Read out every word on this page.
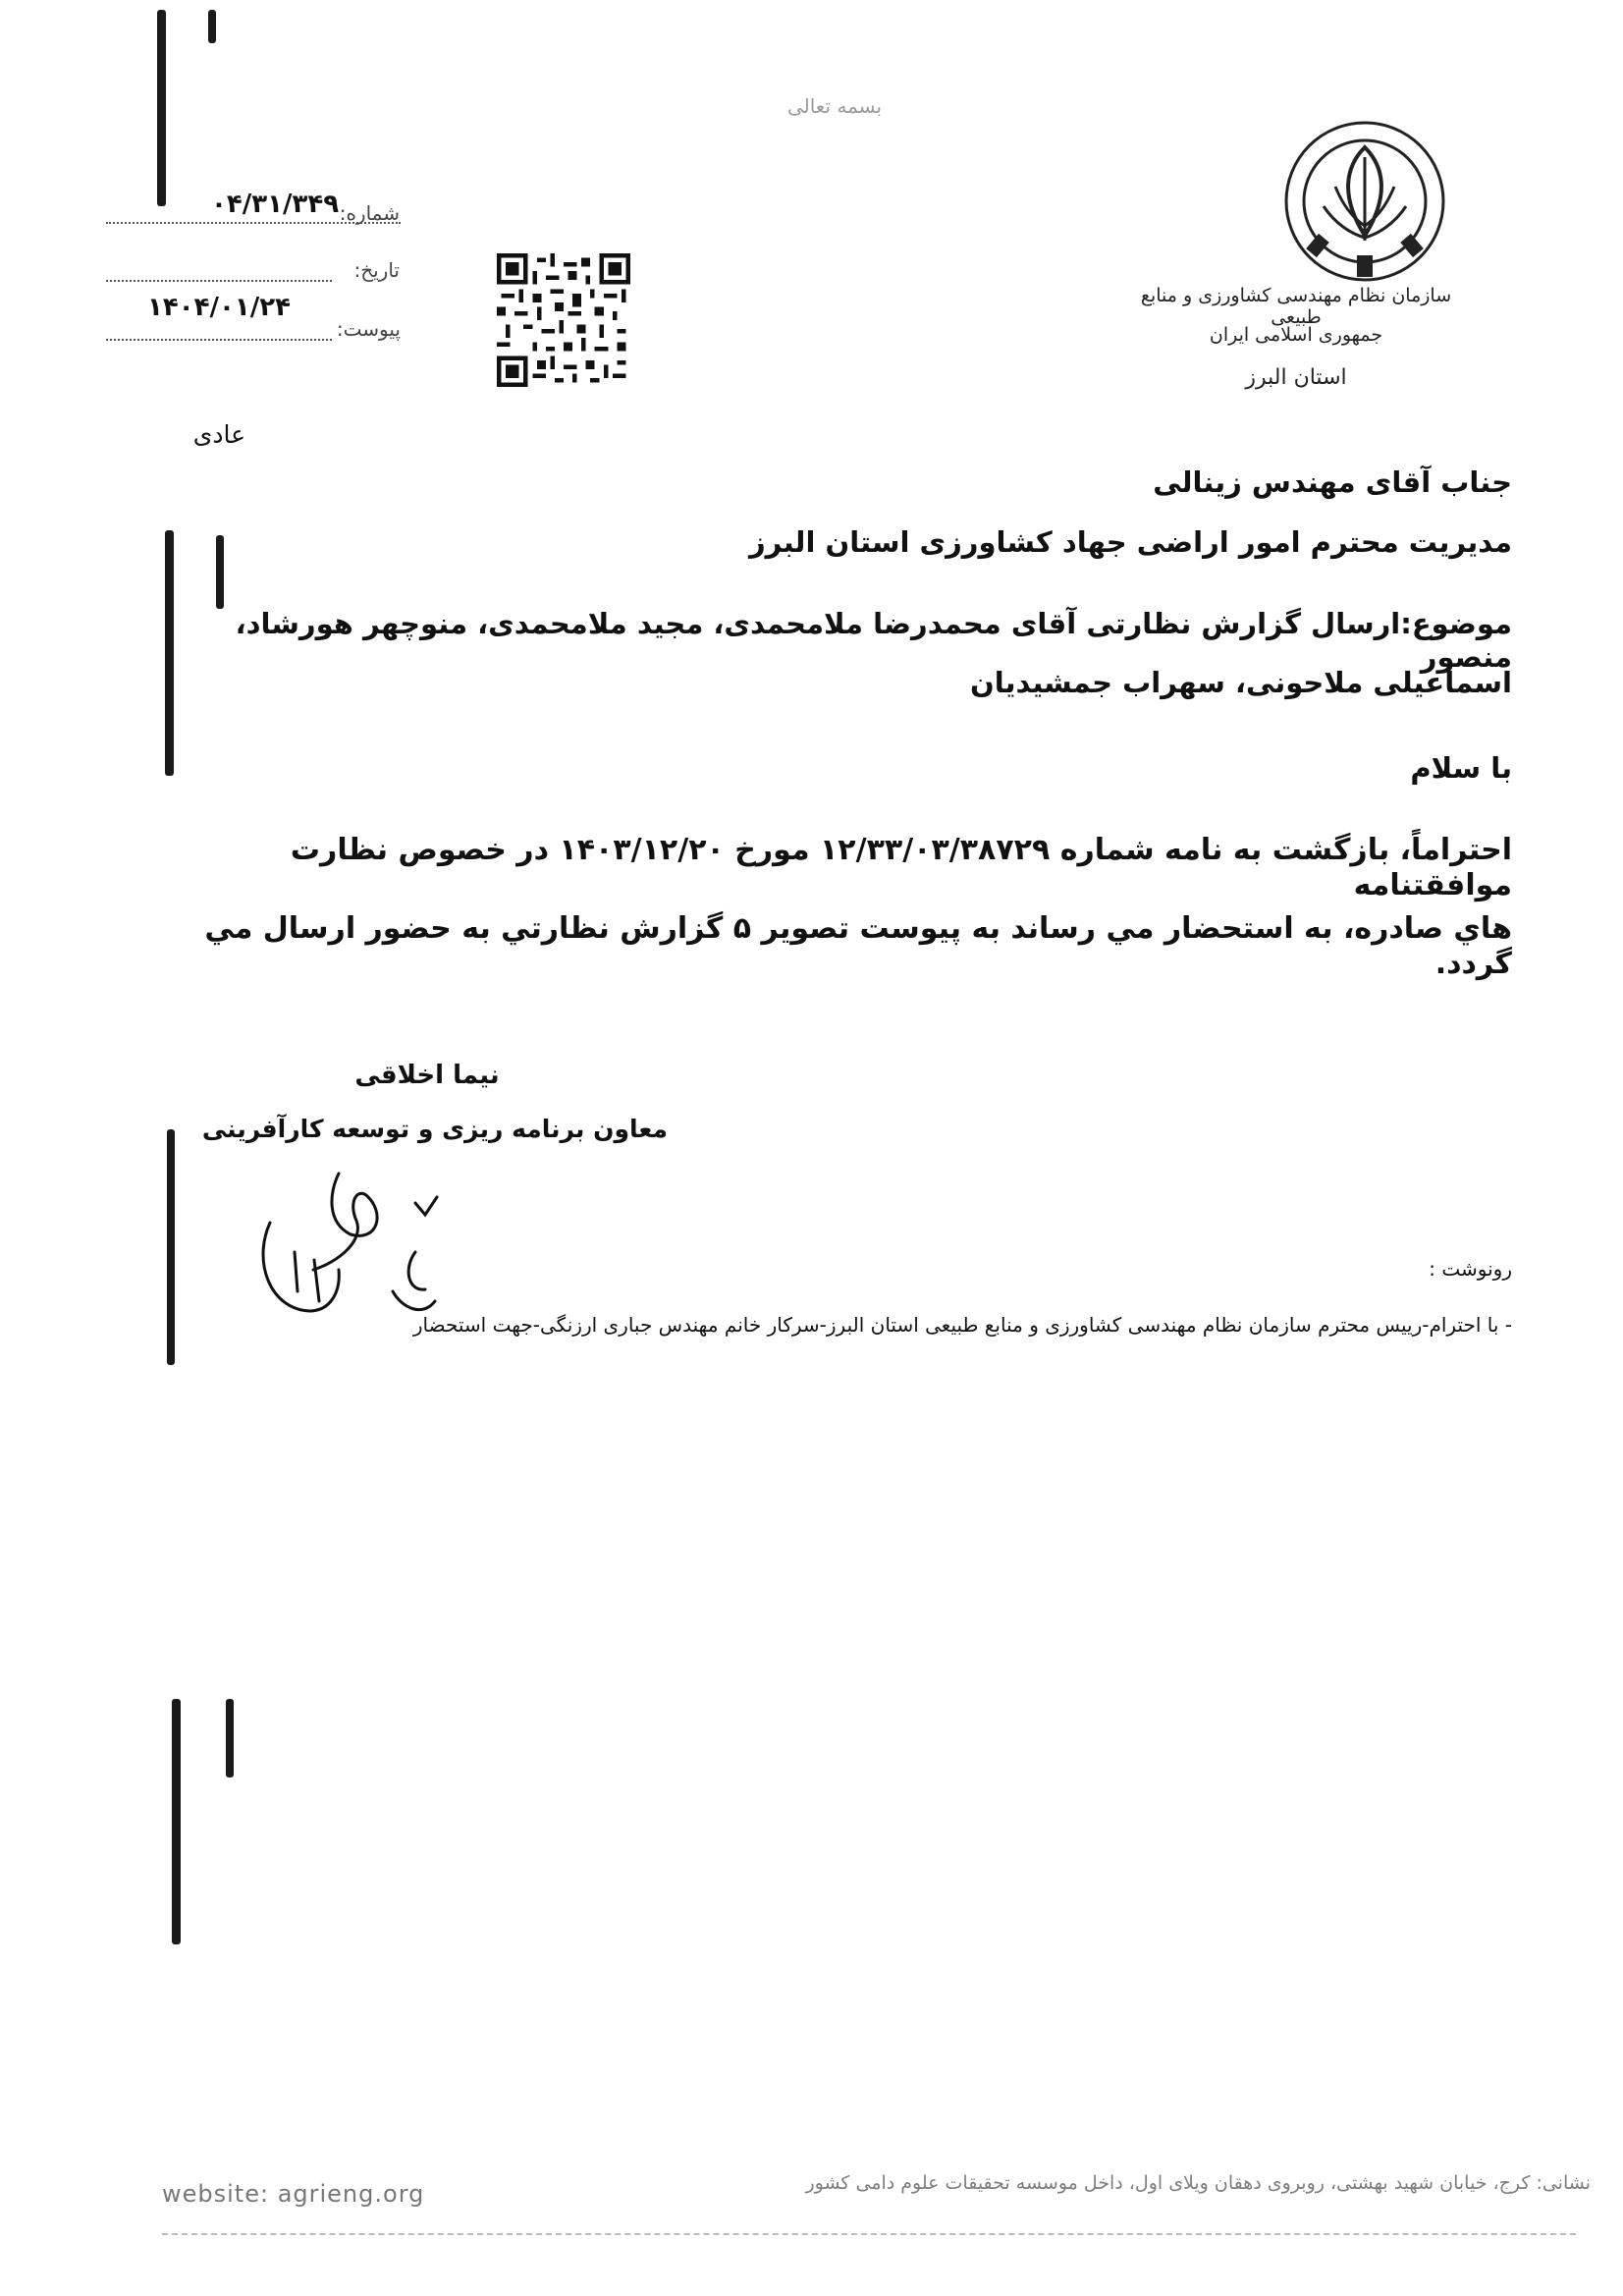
بسمه تعالی
سازمان نظام مهندسی کشاورزی و منابع طبیعی
جمهوری اسلامی ایران
استان البرز
شماره:
۰۴/۳۱/۳۴۹
تاریخ:
۱۴۰۴/۰۱/۲۴
پیوست:
عادی
جناب آقای مهندس زینالی
مدیریت محترم امور اراضی جهاد کشاورزی استان البرز
موضوع:ارسال گزارش نظارتی آقای محمدرضا ملامحمدی، مجید ملامحمدی، منوچهر هورشاد، منصور
اسماعیلی ملاحونی، سهراب جمشیدیان
با سلام
احتراماً، بازگشت به نامه شماره ۱۲/۳۳/۰۳/۳۸۷۲۹ مورخ ۱۴۰۳/۱۲/۲۰ در خصوص نظارت موافقتنامه
هاي صادره، به استحضار مي رساند به پيوست تصوير ۵ گزارش نظارتي به حضور ارسال مي گردد.
نیما اخلاقی
معاون برنامه ریزی و توسعه کارآفرینی
رونوشت :
- با احترام-رییس محترم سازمان نظام مهندسی کشاورزی و منابع طبیعی استان البرز-سرکار خانم مهندس جباری ارزنگی-جهت استحضار
website: agrieng.org	نشانی: کرج، خیابان شهید بهشتی، روبروی دهقان ویلای اول، داخل موسسه تحقیقات علوم دامی کشور
